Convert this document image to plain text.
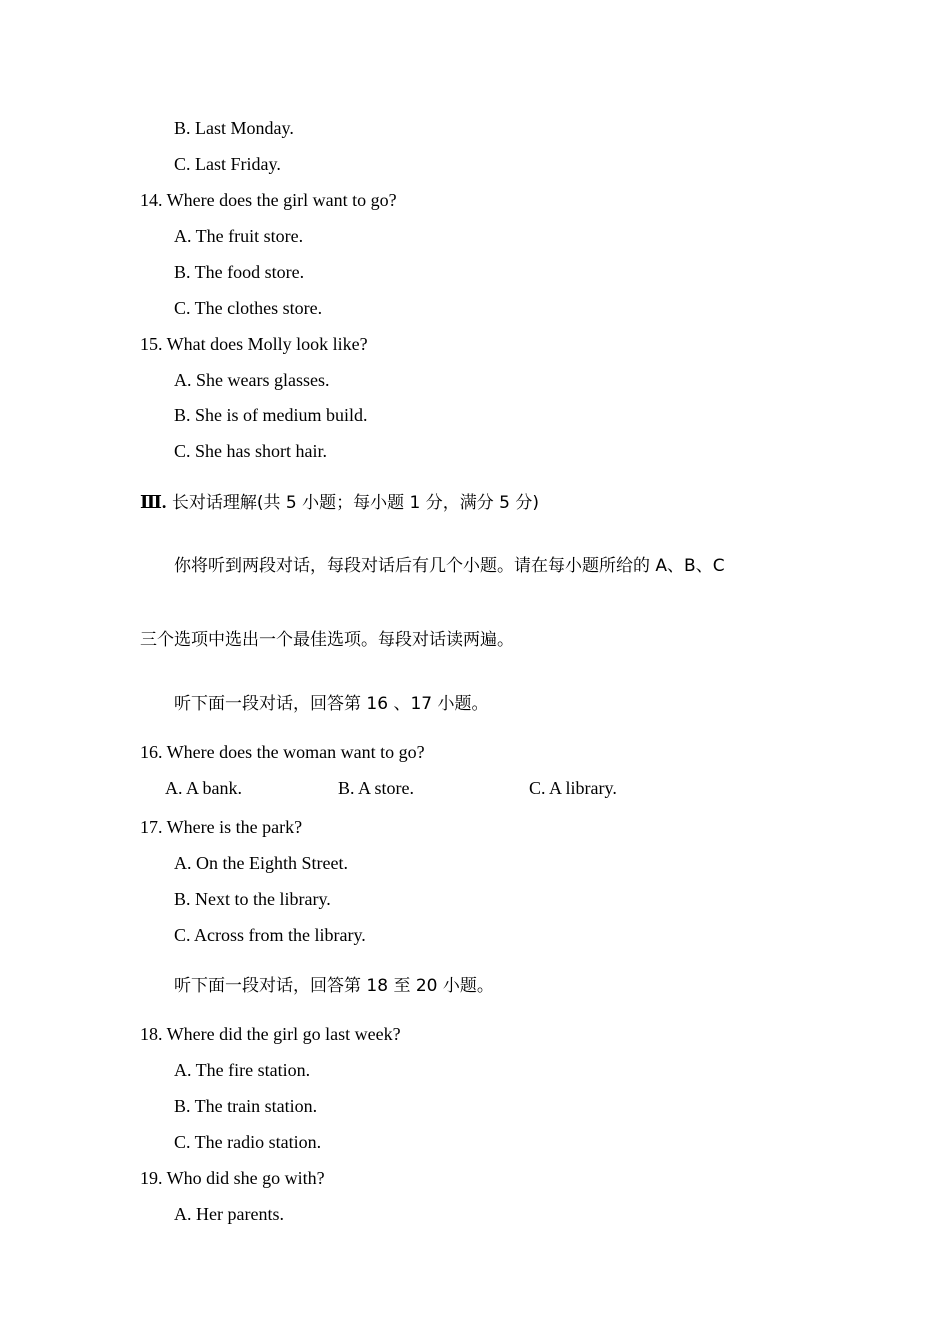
B. Last Monday.
C. Last Friday.
14. Where does the girl want to go?
A. The fruit store.
B. The food store.
C. The clothes store.
15. What does Molly look like?
A. She wears glasses.
B. She is of medium build.
C. She has short hair.
Ⅲ. 长对话理解(共 5 小题；每小题 1 分，满分 5 分)
你将听到两段对话，每段对话后有几个小题。请在每小题所给的 A、B、C
三个选项中选出一个最佳选项。每段对话读两遍。
听下面一段对话，回答第 16 、17 小题。
16. Where does the woman want to go?
A. A bank.	B. A store.	C. A library.
17. Where is the park?
A. On the Eighth Street.
B. Next to the library.
C. Across from the library.
听下面一段对话，回答第 18 至 20 小题。
18. Where did the girl go last week?
A. The fire station.
B. The train station.
C. The radio station.
19. Who did she go with?
A. Her parents.
